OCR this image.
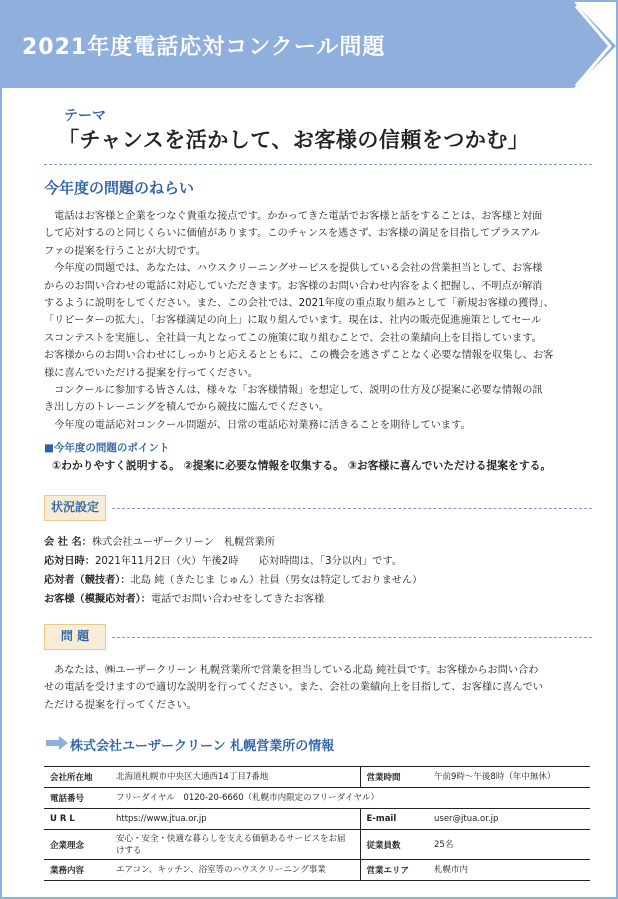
2021年度電話応対コンクール問題
テーマ
「チャンスを活かして、お客様の信頼をつかむ」
今年度の問題のねらい
　電話はお客様と企業をつなぐ貴重な接点です。かかってきた電話でお客様と話をすることは、お客様と対面
して応対するのと同じくらいに価値があります。このチャンスを逃さず、お客様の満足を目指してプラスアル
ファの提案を行うことが大切です。
　今年度の問題では、あなたは、ハウスクリーニングサービスを提供している会社の営業担当として、お客様
からのお問い合わせの電話に対応していただきます。お客様のお問い合わせ内容をよく把握し、不明点が解消
するように説明をしてください。また、この会社では、2021年度の重点取り組みとして「新規お客様の獲得」、
「リピーターの拡大」、「お客様満足の向上」に取り組んでいます。現在は、社内の販売促進施策としてセール
スコンテストを実施し、全社員一丸となってこの施策に取り組むことで、会社の業績向上を目指しています。
お客様からのお問い合わせにしっかりと応えるとともに、この機会を逃さずことなく必要な情報を収集し、お客
様に喜んでいただける提案を行ってください。
　コンクールに参加する皆さんは、様々な「お客様情報」を想定して、説明の仕方及び提案に必要な情報の訊
き出し方のトレーニングを積んでから競技に臨んでください。
　今年度の電話応対コンクール問題が、日常の電話応対業務に活きることを期待しています。
■今年度の問題のポイント
①わかりやすく説明する。 ②提案に必要な情報を収集する。 ③お客様に喜んでいただける提案をする。
状況設定
会 社 名：株式会社ユーザークリーン　札幌営業所
応対日時：2021年11月2日（火）午後2時　　応対時間は、「3分以内」です。
応対者（競技者）：北島 純（きたじま じゅん）社員（男女は特定しておりません）
お客様（模擬応対者）：電話でお問い合わせをしてきたお客様
問 題
　あなたは、㈱ユーザークリーン 札幌営業所で営業を担当している北島 純社員です。お客様からお問い合わ
せの電話を受けますので適切な説明を行ってください。また、会社の業績向上を目指して、お客様に喜んでい
ただける提案を行ってください。
株式会社ユーザークリーン 札幌営業所の情報
会社所在地	北海道札幌市中央区大通西14丁目7番地	営業時間	午前9時〜午後8時（年中無休）
電話番号	フリーダイヤル　0120-20-6660（札幌市内限定のフリーダイヤル）		
U R L	https://www.jtua.or.jp	E-mail	user@jtua.or.jp
企業理念	安心・安全・快適な暮らしを支える価値あるサービスをお届けする	従業員数	25名
業務内容	エアコン、キッチン、浴室等のハウスクリーニング事業	営業エリア	札幌市内
